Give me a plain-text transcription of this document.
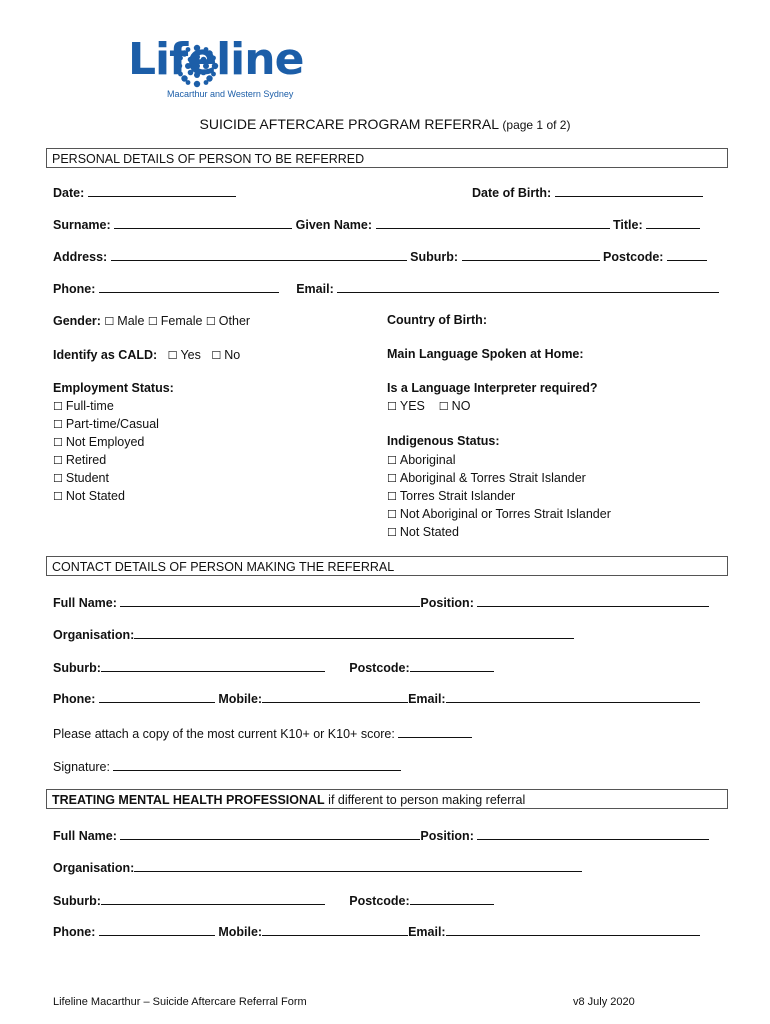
Lifeline
Macarthur and Western Sydney
SUICIDE AFTERCARE PROGRAM REFERRAL (page 1 of 2)
PERSONAL DETAILS OF PERSON TO BE REFERRED
Date:	Date of Birth:
Surname:	Given Name:	Title:
Address:	Suburb:	Postcode:
Phone:	Email:
Gender: ☐ Male ☐ Female ☐ Other	Country of Birth:
Identify as CALD: ☐ Yes ☐ No	Main Language Spoken at Home:
Employment Status:
☐ Full-time
☐ Part-time/Casual
☐ Not Employed
☐ Retired
☐ Student
☐ Not Stated
Is a Language Interpreter required?
☐ YES ☐ NO
Indigenous Status:
☐ Aboriginal
☐ Aboriginal & Torres Strait Islander
☐ Torres Strait Islander
☐ Not Aboriginal or Torres Strait Islander
☐ Not Stated
CONTACT DETAILS OF PERSON MAKING THE REFERRAL
Full Name:	Position:
Organisation:
Suburb:	Postcode:
Phone:	Mobile:	Email:
Please attach a copy of the most current K10+ or K10+ score:
Signature:
TREATING MENTAL HEALTH PROFESSIONAL if different to person making referral
Full Name:	Position:
Organisation:
Suburb:	Postcode:
Phone:	Mobile:	Email:
Lifeline Macarthur – Suicide Aftercare Referral Form	v8 July 2020
